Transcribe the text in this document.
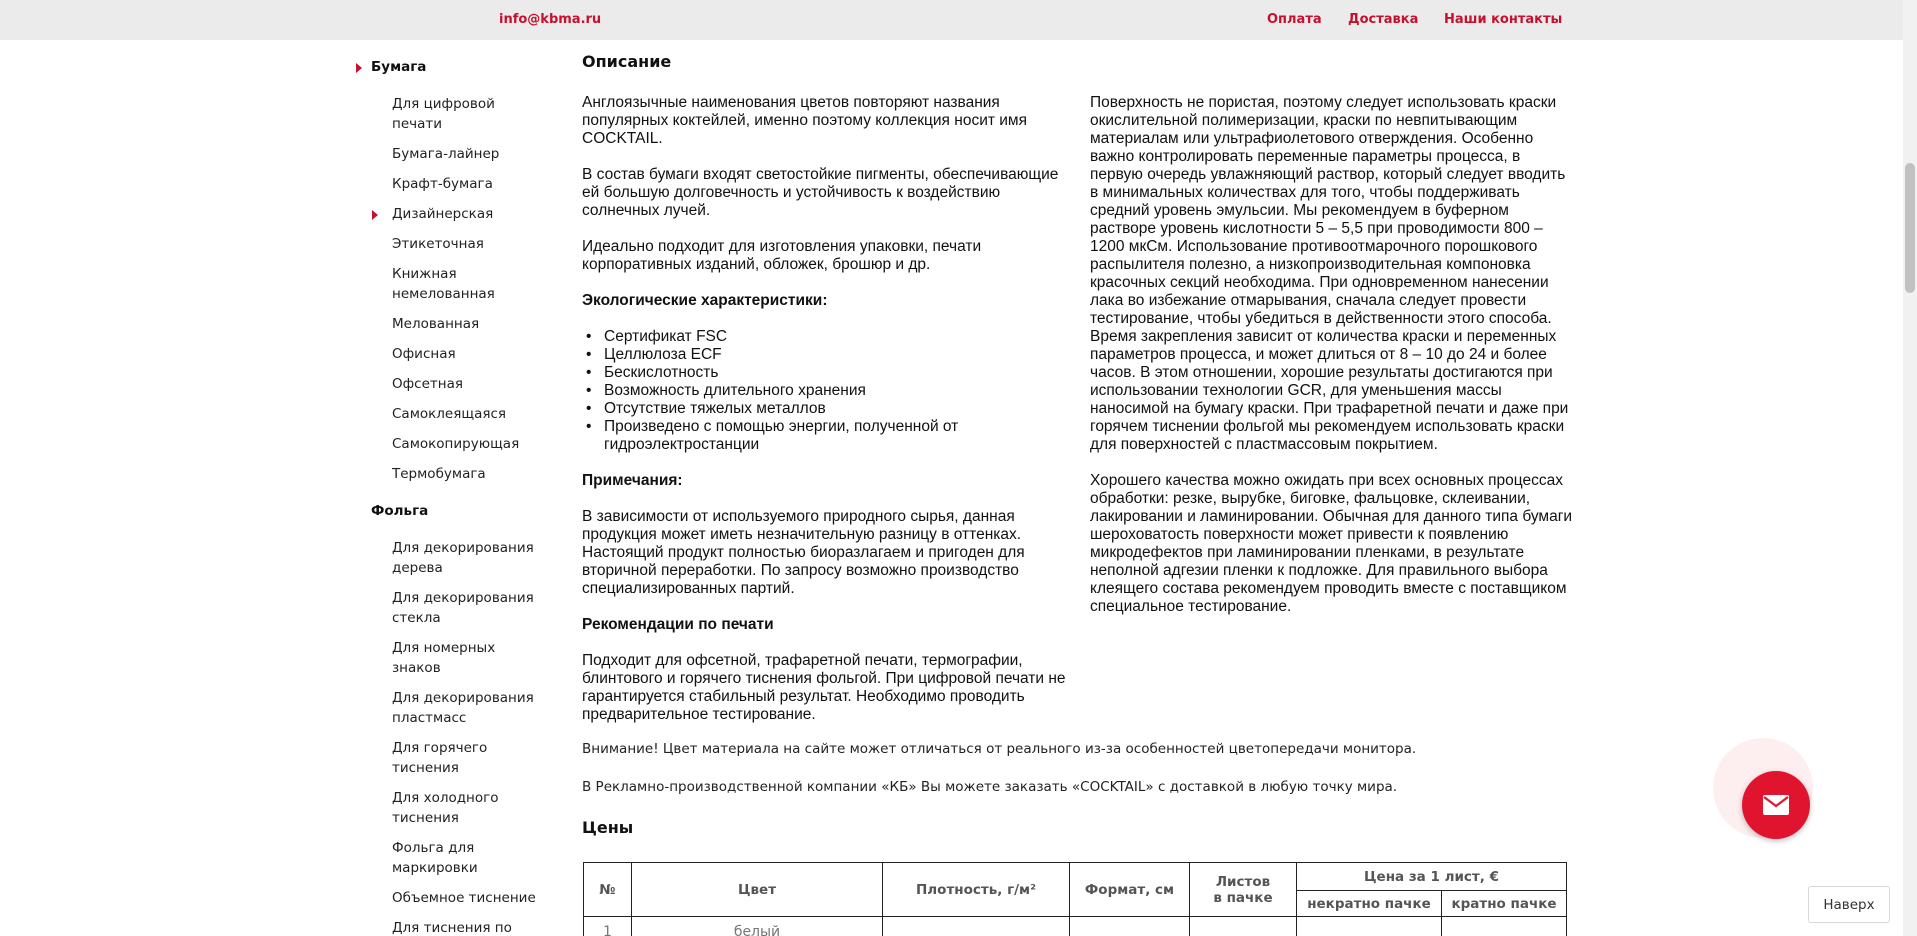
info@kbma.ru	Оплата Доставка Наши контакты
Бумага
Для цифровой печати
Бумага-лайнер
Крафт-бумага
Дизайнерская
Этикеточная
Книжная немелованная
Мелованная
Офисная
Офсетная
Самоклеящаяся
Самокопирующая
Термобумага
Фольга
Для декорирования дерева
Для декорирования стекла
Для номерных знаков
Для декорирования пластмасс
Для горячего тиснения
Для холодного тиснения
Фольга для маркировки
Объемное тиснение
Для тиснения по
Описание

Англоязычные наименования цветов повторяют названия популярных коктейлей, именно поэтому коллекция носит имя COCKTAIL.

В состав бумаги входят светостойкие пигменты, обеспечивающие ей большую долговечность и устойчивость к воздействию солнечных лучей.

Идеально подходит для изготовления упаковки, печати корпоративных изданий, обложек, брошюр и др.

Экологические характеристики:

• Сертификат FSC
• Целлюлоза ECF
• Бескислотность
• Возможность длительного хранения
• Отсутствие тяжелых металлов
• Произведено с помощью энергии, полученной от гидроэлектростанции

Примечания:

В зависимости от используемого природного сырья, данная продукция может иметь незначительную разницу в оттенках. Настоящий продукт полностью биоразлагаем и пригоден для вторичной переработки. По запросу возможно производство специализированных партий.

Рекомендации по печати

Подходит для офсетной, трафаретной печати, термографии, блинтового и горячего тиснения фольгой. При цифровой печати не гарантируется стабильный результат. Необходимо проводить предварительное тестирование.

Поверхность не пористая, поэтому следует использовать краски окислительной полимеризации, краски по невпитывающим материалам или ультрафиолетового отверждения. Особенно важно контролировать переменные параметры процесса, в первую очередь увлажняющий раствор, который следует вводить в минимальных количествах для того, чтобы поддерживать средний уровень эмульсии. Мы рекомендуем в буферном растворе уровень кислотности 5 – 5,5 при проводимости 800 – 1200 мкСм. Использование противоотмарочного порошкового распылителя полезно, а низкопроизводительная компоновка красочных секций необходима. При одновременном нанесении лака во избежание отмарывания, сначала следует провести тестирование, чтобы убедиться в действенности этого способа. Время закрепления зависит от количества краски и переменных параметров процесса, и может длиться от 8 – 10 до 24 и более часов. В этом отношении, хорошие результаты достигаются при использовании технологии GCR, для уменьшения массы наносимой на бумагу краски. При трафаретной печати и даже при горячем тиснении фольгой мы рекомендуем использовать краски для поверхностей с пластмассовым покрытием.

Хорошего качества можно ожидать при всех основных процессах обработки: резке, вырубке, биговке, фальцовке, склеивании, лакировании и ламинировании. Обычная для данного типа бумаги шероховатость поверхности может привести к появлению микродефектов при ламинировании пленками, в результате неполной адгезии пленки к подложке. Для правильного выбора клеящего состава рекомендуем проводить вместе с поставщиком специальное тестирование.

Внимание! Цвет материала на сайте может отличаться от реального из-за особенностей цветопередачи монитора.
В Рекламно-производственной компании «КБ» Вы можете заказать «COCKTAIL» с доставкой в любую точку мира.
Цены
№	Цвет	Плотность, г/м²	Формат, см	Листов в пачке	Цена за 1 лист, €	
					некратно пачке	кратно пачке
1	белый					
Наверх
